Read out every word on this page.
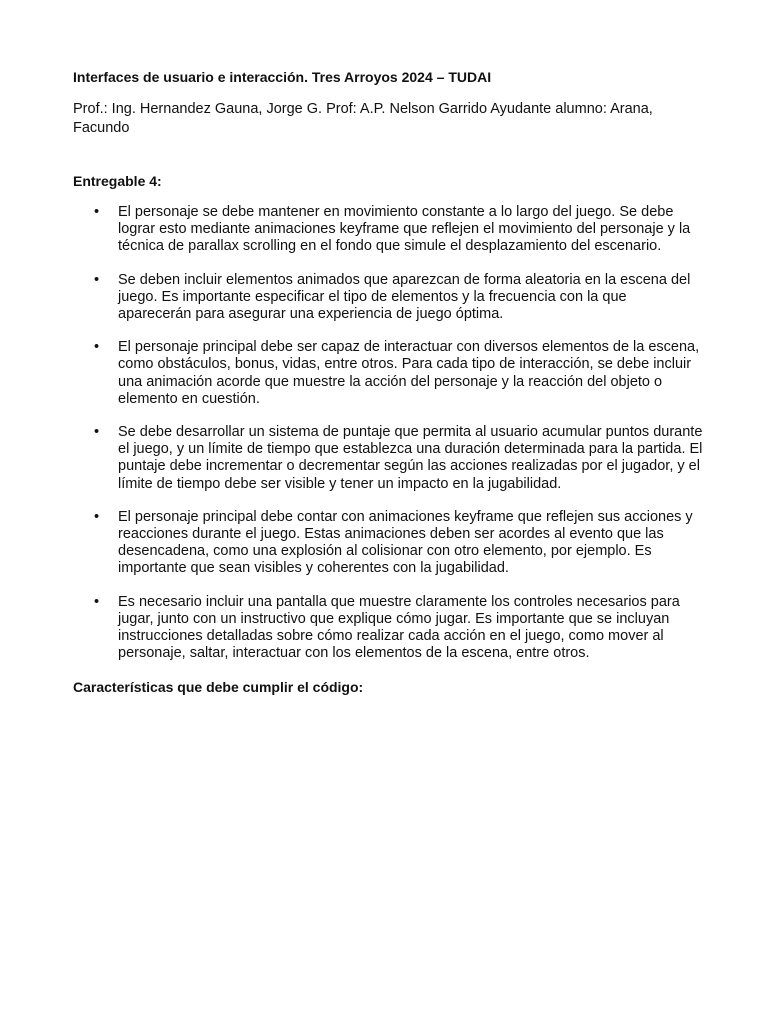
Interfaces de usuario e interacción. Tres Arroyos 2024 – TUDAI

Prof.: Ing. Hernandez Gauna, Jorge G. Prof: A.P. Nelson Garrido Ayudante alumno: Arana, Facundo

Entregable 4:

• El personaje se debe mantener en movimiento constante a lo largo del juego. Se debe lograr esto mediante animaciones keyframe que reflejen el movimiento del personaje y la técnica de parallax scrolling en el fondo que simule el desplazamiento del escenario.
• Se deben incluir elementos animados que aparezcan de forma aleatoria en la escena del juego. Es importante especificar el tipo de elementos y la frecuencia con la que aparecerán para asegurar una experiencia de juego óptima.
• El personaje principal debe ser capaz de interactuar con diversos elementos de la escena, como obstáculos, bonus, vidas, entre otros. Para cada tipo de interacción, se debe incluir una animación acorde que muestre la acción del personaje y la reacción del objeto o elemento en cuestión.
• Se debe desarrollar un sistema de puntaje que permita al usuario acumular puntos durante el juego, y un límite de tiempo que establezca una duración determinada para la partida. El puntaje debe incrementar o decrementar según las acciones realizadas por el jugador, y el límite de tiempo debe ser visible y tener un impacto en la jugabilidad.
• El personaje principal debe contar con animaciones keyframe que reflejen sus acciones y reacciones durante el juego. Estas animaciones deben ser acordes al evento que las desencadena, como una explosión al colisionar con otro elemento, por ejemplo. Es importante que sean visibles y coherentes con la jugabilidad.
• Es necesario incluir una pantalla que muestre claramente los controles necesarios para jugar, junto con un instructivo que explique cómo jugar. Es importante que se incluyan instrucciones detalladas sobre cómo realizar cada acción en el juego, como mover al personaje, saltar, interactuar con los elementos de la escena, entre otros.

Características que debe cumplir el código:
